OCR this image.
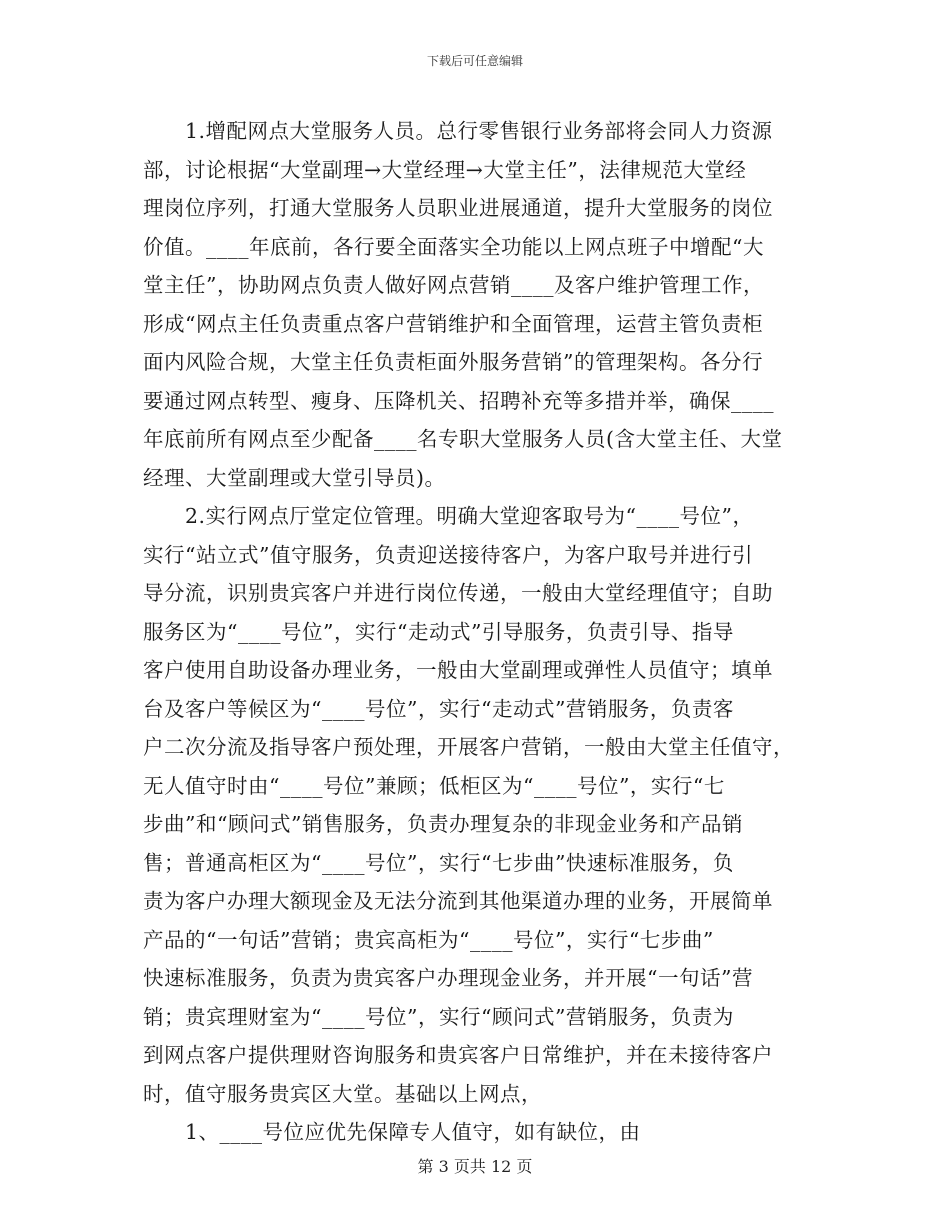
下载后可任意编辑
　　1.增配网点大堂服务人员。总行零售银行业务部将会同人力资源
部，讨论根据“大堂副理→大堂经理→大堂主任”，法律规范大堂经
理岗位序列，打通大堂服务人员职业进展通道，提升大堂服务的岗位
价值。____年底前，各行要全面落实全功能以上网点班子中增配“大
堂主任”，协助网点负责人做好网点营销____及客户维护管理工作，
形成“网点主任负责重点客户营销维护和全面管理，运营主管负责柜
面内风险合规，大堂主任负责柜面外服务营销”的管理架构。各分行
要通过网点转型、瘦身、压降机关、招聘补充等多措并举，确保____
年底前所有网点至少配备____名专职大堂服务人员(含大堂主任、大堂
经理、大堂副理或大堂引导员)。
　　2.实行网点厅堂定位管理。明确大堂迎客取号为“____号位”，
实行“站立式”值守服务，负责迎送接待客户，为客户取号并进行引
导分流，识别贵宾客户并进行岗位传递，一般由大堂经理值守；自助
服务区为“____号位”，实行“走动式”引导服务，负责引导、指导
客户使用自助设备办理业务，一般由大堂副理或弹性人员值守；填单
台及客户等候区为“____号位”，实行“走动式”营销服务，负责客
户二次分流及指导客户预处理，开展客户营销，一般由大堂主任值守，
无人值守时由“____号位”兼顾；低柜区为“____号位”，实行“七
步曲”和“顾问式”销售服务，负责办理复杂的非现金业务和产品销
售；普通高柜区为“____号位”，实行“七步曲”快速标准服务，负
责为客户办理大额现金及无法分流到其他渠道办理的业务，开展简单
产品的“一句话”营销；贵宾高柜为“____号位”，实行“七步曲”
快速标准服务，负责为贵宾客户办理现金业务，并开展“一句话”营
销；贵宾理财室为“____号位”，实行“顾问式”营销服务，负责为
到网点客户提供理财咨询服务和贵宾客户日常维护，并在未接待客户
时，值守服务贵宾区大堂。基础以上网点，
　　1、____号位应优先保障专人值守，如有缺位，由
第 3 页共 12 页
